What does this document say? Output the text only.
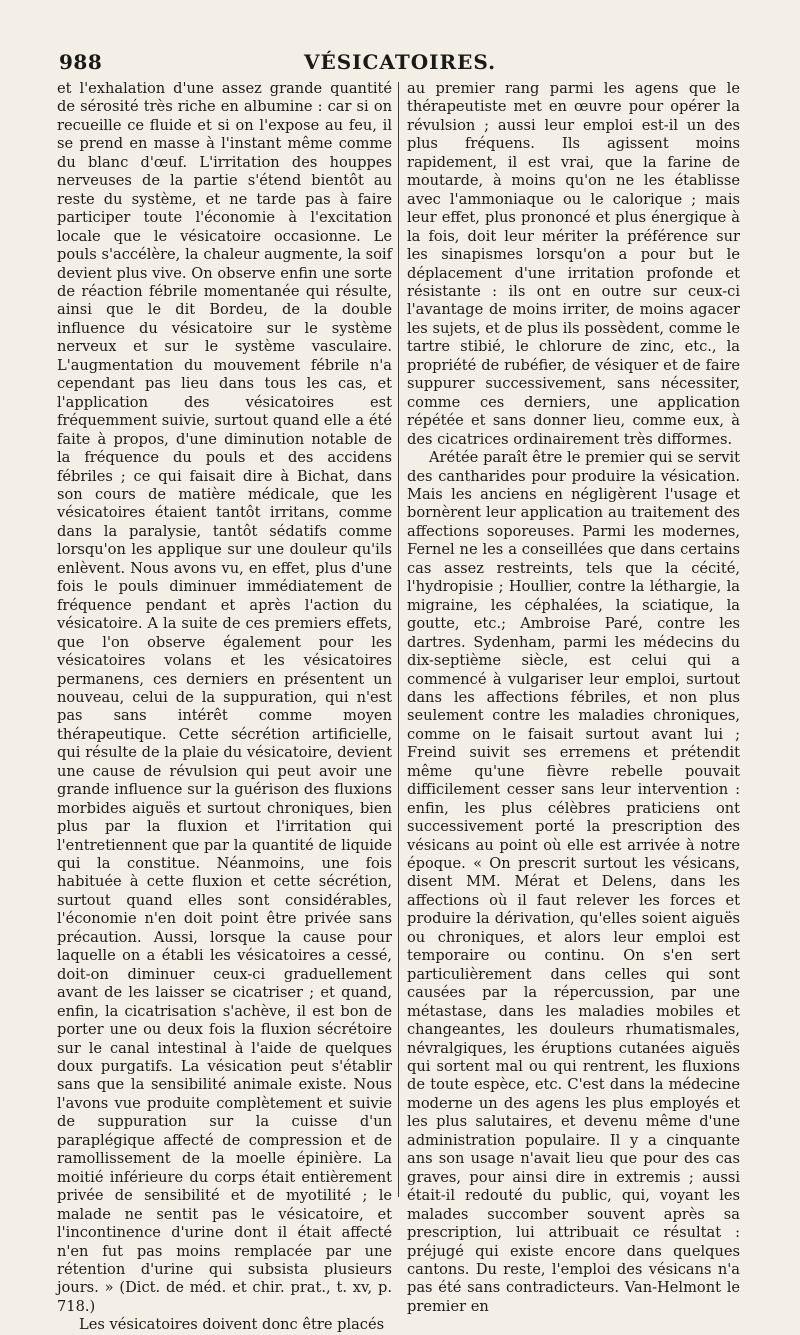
988	VÉSICATOIRES.

et l'exhalation d'une assez grande quantité de sérosité très riche en albumine : car si on recueille ce fluide et si on l'expose au feu, il se prend en masse à l'instant même comme du blanc d'œuf. L'irritation des houppes nerveuses de la partie s'étend bientôt au reste du système, et ne tarde pas à faire participer toute l'économie à l'excitation locale que le vésicatoire occasionne. Le pouls s'accélère, la chaleur augmente, la soif devient plus vive. On observe enfin une sorte de réaction fébrile momentanée qui résulte, ainsi que le dit Bordeu, de la double influence du vésicatoire sur le système nerveux et sur le système vasculaire. L'augmentation du mouvement fébrile n'a cependant pas lieu dans tous les cas, et l'application des vésicatoires est fréquemment suivie, surtout quand elle a été faite à propos, d'une diminution notable de la fréquence du pouls et des accidens fébriles ; ce qui faisait dire à Bichat, dans son cours de matière médicale, que les vésicatoires étaient tantôt irritans, comme dans la paralysie, tantôt sédatifs comme lorsqu'on les applique sur une douleur qu'ils enlèvent. Nous avons vu, en effet, plus d'une fois le pouls diminuer immédiatement de fréquence pendant et après l'action du vésicatoire. A la suite de ces premiers effets, que l'on observe également pour les vésicatoires volans et les vésicatoires permanens, ces derniers en présentent un nouveau, celui de la suppuration, qui n'est pas sans intérêt comme moyen thérapeutique. Cette sécrétion artificielle, qui résulte de la plaie du vésicatoire, devient une cause de révulsion qui peut avoir une grande influence sur la guérison des fluxions morbides aiguës et surtout chroniques, bien plus par la fluxion et l'irritation qui l'entretiennent que par la quantité de liquide qui la constitue. Néanmoins, une fois habituée à cette fluxion et cette sécrétion, surtout quand elles sont considérables, l'économie n'en doit point être privée sans précaution. Aussi, lorsque la cause pour laquelle on a établi les vésicatoires a cessé, doit-on diminuer ceux-ci graduellement avant de les laisser se cicatriser ; et quand, enfin, la cicatrisation s'achève, il est bon de porter une ou deux fois la fluxion sécrétoire sur le canal intestinal à l'aide de quelques doux purgatifs. La vésication peut s'établir sans que la sensibilité animale existe. Nous l'avons vue produite complètement et suivie de suppuration sur la cuisse d'un paraplégique affecté de compression et de ramollissement de la moelle épinière. La moitié inférieure du corps était entièrement privée de sensibilité et de myotilité ; le malade ne sentit pas le vésicatoire, et l'incontinence d'urine dont il était affecté n'en fut pas moins remplacée par une rétention d'urine qui subsista plusieurs jours. » (Dict. de méd. et chir. prat., t. xv, p. 718.)

Les vésicatoires doivent donc être placés

au premier rang parmi les agens que le thérapeutiste met en œuvre pour opérer la révulsion ; aussi leur emploi est-il un des plus fréquens. Ils agissent moins rapidement, il est vrai, que la farine de moutarde, à moins qu'on ne les établisse avec l'ammoniaque ou le calorique ; mais leur effet, plus prononcé et plus énergique à la fois, doit leur mériter la préférence sur les sinapismes lorsqu'on a pour but le déplacement d'une irritation profonde et résistante : ils ont en outre sur ceux-ci l'avantage de moins irriter, de moins agacer les sujets, et de plus ils possèdent, comme le tartre stibié, le chlorure de zinc, etc., la propriété de rubéfier, de vésiquer et de faire suppurer successivement, sans nécessiter, comme ces derniers, une application répétée et sans donner lieu, comme eux, à des cicatrices ordinairement très difformes.

Arétée paraît être le premier qui se servit des cantharides pour produire la vésication. Mais les anciens en négligèrent l'usage et bornèrent leur application au traitement des affections soporeuses. Parmi les modernes, Fernel ne les a conseillées que dans certains cas assez restreints, tels que la cécité, l'hydropisie ; Houllier, contre la léthargie, la migraine, les céphalées, la sciatique, la goutte, etc.; Ambroise Paré, contre les dartres. Sydenham, parmi les médecins du dix-septième siècle, est celui qui a commencé à vulgariser leur emploi, surtout dans les affections fébriles, et non plus seulement contre les maladies chroniques, comme on le faisait surtout avant lui ; Freind suivit ses erremens et prétendit même qu'une fièvre rebelle pouvait difficilement cesser sans leur intervention : enfin, les plus célèbres praticiens ont successivement porté la prescription des vésicans au point où elle est arrivée à notre époque. « On prescrit surtout les vésicans, disent MM. Mérat et Delens, dans les affections où il faut relever les forces et produire la dérivation, qu'elles soient aiguës ou chroniques, et alors leur emploi est temporaire ou continu. On s'en sert particulièrement dans celles qui sont causées par la répercussion, par une métastase, dans les maladies mobiles et changeantes, les douleurs rhumatismales, névralgiques, les éruptions cutanées aiguës qui sortent mal ou qui rentrent, les fluxions de toute espèce, etc. C'est dans la médecine moderne un des agens les plus employés et les plus salutaires, et devenu même d'une administration populaire. Il y a cinquante ans son usage n'avait lieu que pour des cas graves, pour ainsi dire in extremis ; aussi était-il redouté du public, qui, voyant les malades succomber souvent après sa prescription, lui attribuait ce résultat : préjugé qui existe encore dans quelques cantons. Du reste, l'emploi des vésicans n'a pas été sans contradicteurs. Van-Helmont le premier en
